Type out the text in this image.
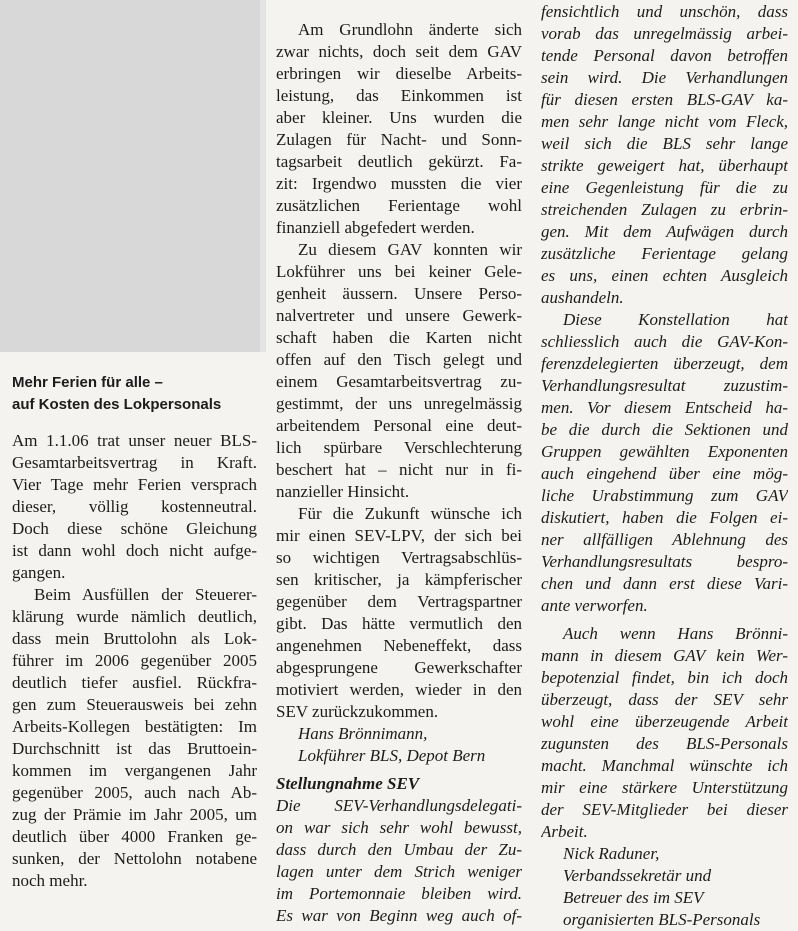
Mehr Ferien für alle –
auf Kosten des Lokpersonals
Am 1.1.06 trat unser neuer BLS-
Gesamtarbeitsvertrag in Kraft.
Vier Tage mehr Ferien versprach
dieser, völlig kostenneutral.
Doch diese schöne Gleichung
ist dann wohl doch nicht aufge-
gangen.
Beim Ausfüllen der Steuerer-
klärung wurde nämlich deutlich,
dass mein Bruttolohn als Lok-
führer im 2006 gegenüber 2005
deutlich tiefer ausfiel. Rückfra-
gen zum Steuerausweis bei zehn
Arbeits-Kollegen bestätigten: Im
Durchschnitt ist das Bruttoein-
kommen im vergangenen Jahr
gegenüber 2005, auch nach Ab-
zug der Prämie im Jahr 2005, um
deutlich über 4000 Franken ge-
sunken, der Nettolohn notabene
noch mehr.
Am Grundlohn änderte sich
zwar nichts, doch seit dem GAV
erbringen wir dieselbe Arbeits-
leistung, das Einkommen ist
aber kleiner. Uns wurden die
Zulagen für Nacht- und Sonn-
tagsarbeit deutlich gekürzt. Fa-
zit: Irgendwo mussten die vier
zusätzlichen Ferientage wohl
finanziell abgefedert werden.
Zu diesem GAV konnten wir
Lokführer uns bei keiner Gele-
genheit äussern. Unsere Perso-
nalvertreter und unsere Gewerk-
schaft haben die Karten nicht
offen auf den Tisch gelegt und
einem Gesamtarbeitsvertrag zu-
gestimmt, der uns unregelmässig
arbeitendem Personal eine deut-
lich spürbare Verschlechterung
beschert hat – nicht nur in fi-
nanzieller Hinsicht.
Für die Zukunft wünsche ich
mir einen SEV-LPV, der sich bei
so wichtigen Vertragsabschlüs-
sen kritischer, ja kämpferischer
gegenüber dem Vertragspartner
gibt. Das hätte vermutlich den
angenehmen Nebeneffekt, dass
abgesprungene Gewerkschafter
motiviert werden, wieder in den
SEV zurückzukommen.
Hans Brönnimann,
Lokführer BLS, Depot Bern
Stellungnahme SEV
Die SEV-Verhandlungsdelegati-
on war sich sehr wohl bewusst,
dass durch den Umbau der Zu-
lagen unter dem Strich weniger
im Portemonnaie bleiben wird.
Es war von Beginn weg auch of-
fensichtlich und unschön, dass
vorab das unregelmässig arbei-
tende Personal davon betroffen
sein wird. Die Verhandlungen
für diesen ersten BLS-GAV ka-
men sehr lange nicht vom Fleck,
weil sich die BLS sehr lange
strikte geweigert hat, überhaupt
eine Gegenleistung für die zu
streichenden Zulagen zu erbrin-
gen. Mit dem Aufwägen durch
zusätzliche Ferientage gelang
es uns, einen echten Ausgleich
aushandeln.
Diese Konstellation hat
schliesslich auch die GAV-Kon-
ferenzdelegierten überzeugt, dem
Verhandlungsresultat zuzustim-
men. Vor diesem Entscheid ha-
be die durch die Sektionen und
Gruppen gewählten Exponenten
auch eingehend über eine mög-
liche Urabstimmung zum GAV
diskutiert, haben die Folgen ei-
ner allfälligen Ablehnung des
Verhandlungsresultats bespro-
chen und dann erst diese Vari-
ante verworfen.
Auch wenn Hans Brönni-
mann in diesem GAV kein Wer-
bepotenzial findet, bin ich doch
überzeugt, dass der SEV sehr
wohl eine überzeugende Arbeit
zugunsten des BLS-Personals
macht. Manchmal wünschte ich
mir eine stärkere Unterstützung
der SEV-Mitglieder bei dieser
Arbeit.
Nick Raduner,
Verbandssekretär und
Betreuer des im SEV
organisierten BLS-Personals
